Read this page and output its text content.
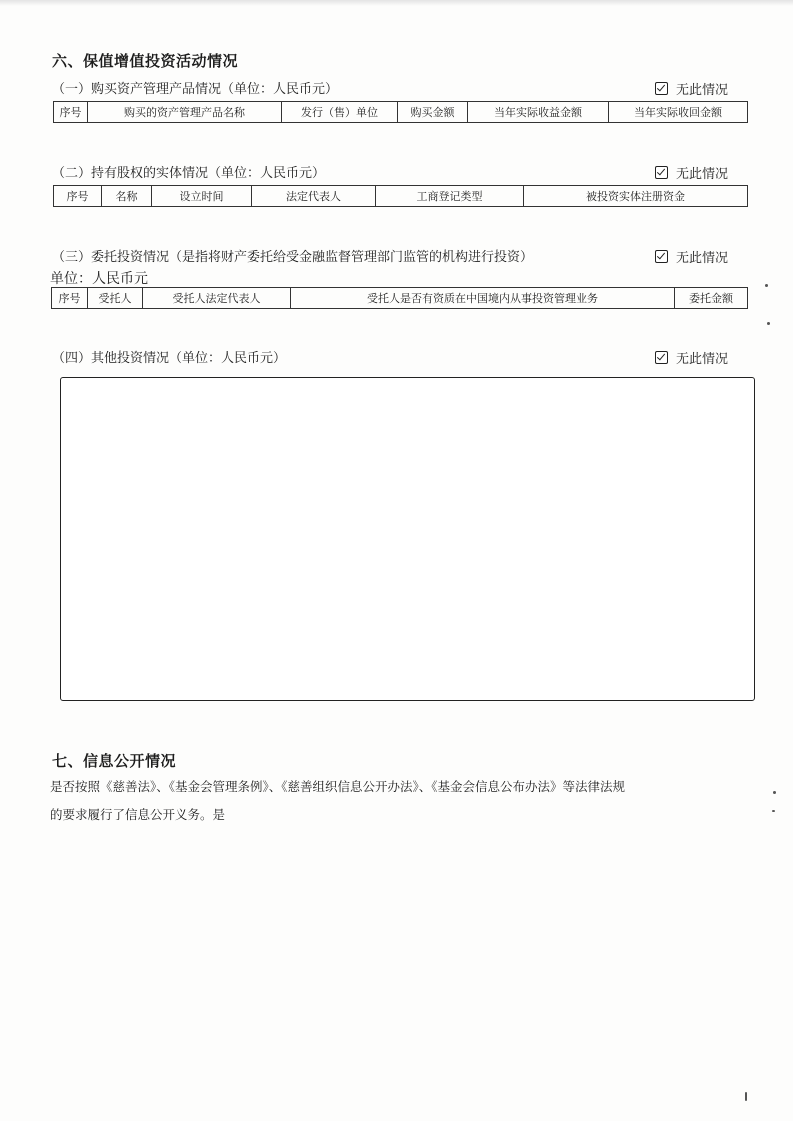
六、保值增值投资活动情况
（一）购买资产管理产品情况（单位：人民币元）	无此情况
序号	购买的资产管理产品名称	发行（售）单位	购买金额	当年实际收益金额	当年实际收回金额
（二）持有股权的实体情况（单位：人民币元）	无此情况
序号	名称	设立时间	法定代表人	工商登记类型	被投资实体注册资金
（三）委托投资情况（是指将财产委托给受金融监督管理部门监管的机构进行投资）	无此情况
单位：人民币元
序号	受托人	受托人法定代表人	受托人是否有资质在中国境内从事投资管理业务	委托金额
（四）其他投资情况（单位：人民币元）	无此情况
七、信息公开情况
是否按照《慈善法》、《基金会管理条例》、《慈善组织信息公开办法》、《基金会信息公布办法》等法律法规
的要求履行了信息公开义务。是
